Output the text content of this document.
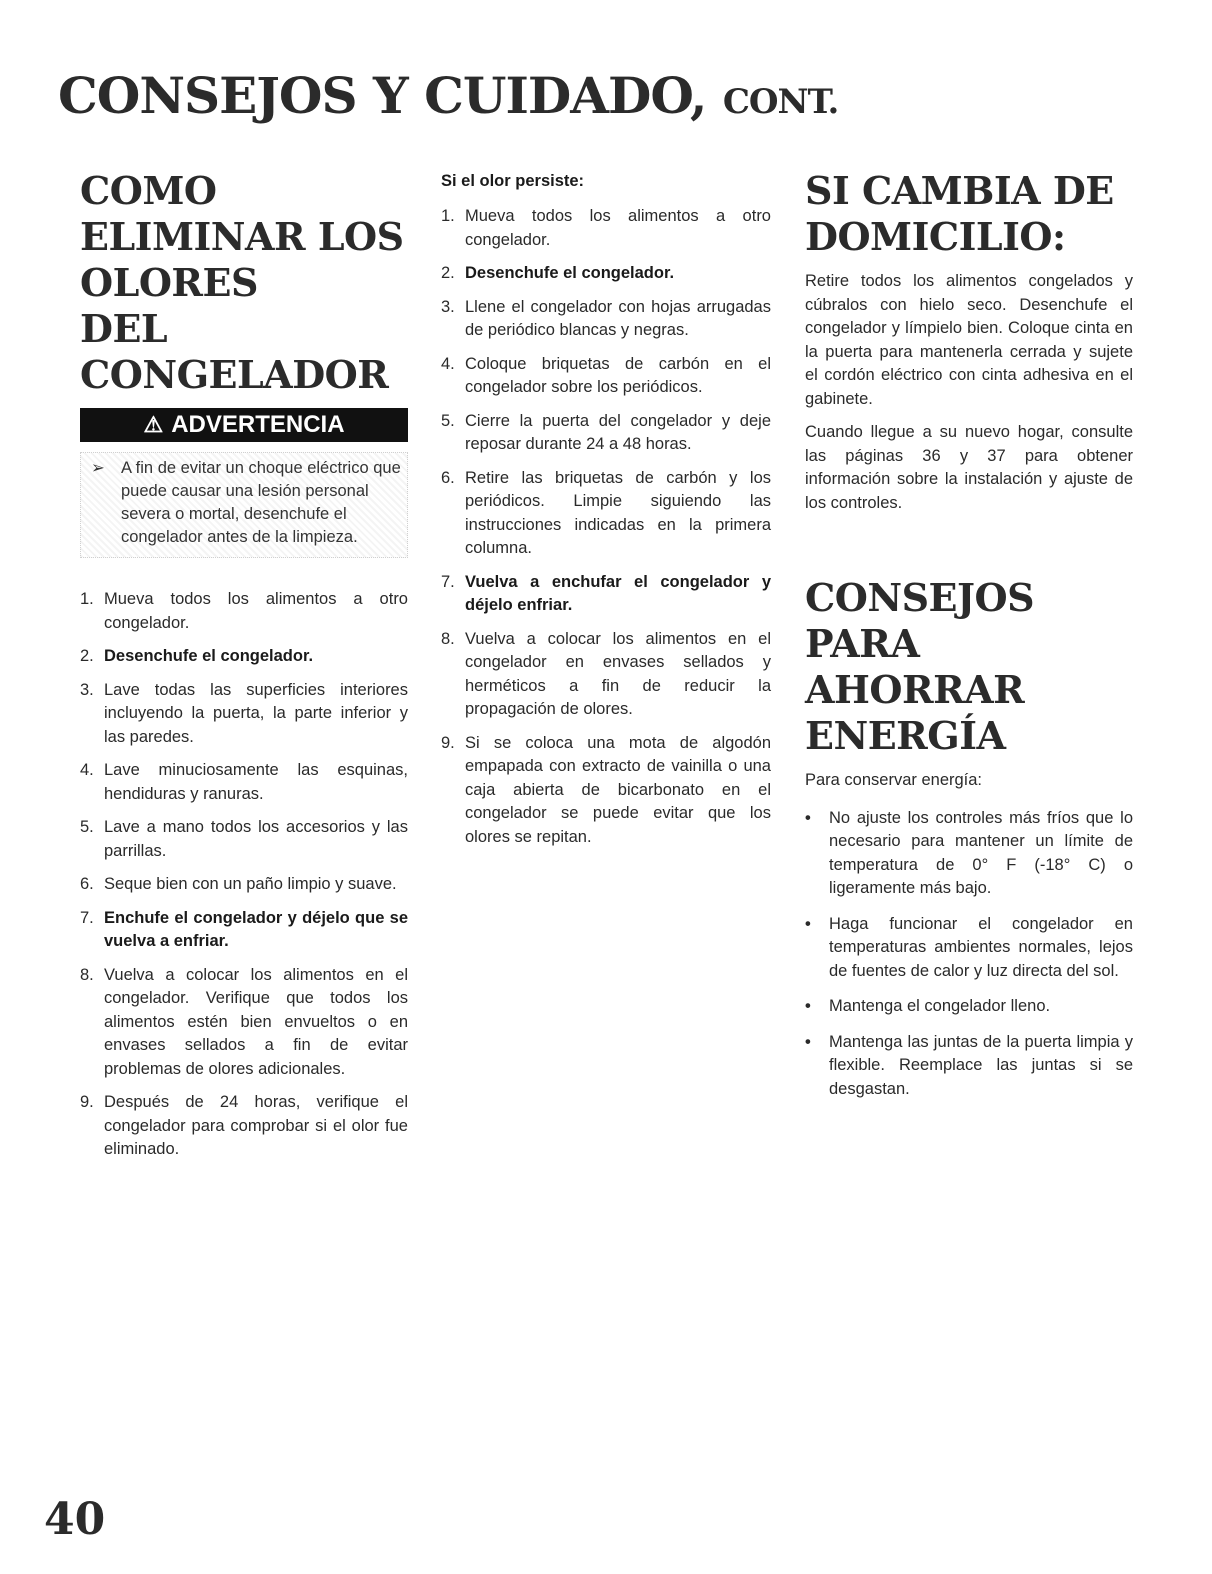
CONSEJOS Y CUIDADO, CONT.
COMO ELIMINAR LOS OLORES
DEL CONGELADOR
⚠ ADVERTENCIA
➢ A fin de evitar un choque eléctrico que puede causar una lesión personal severa o mortal, desenchufe el congelador antes de la limpieza.
1. Mueva todos los alimentos a otro congelador.
2. Desenchufe el congelador.
3. Lave todas las superficies interiores incluyendo la puerta, la parte inferior y las paredes.
4. Lave minuciosamente las esquinas, hendiduras y ranuras.
5. Lave a mano todos los accesorios y las parrillas.
6. Seque bien con un paño limpio y suave.
7. Enchufe el congelador y déjelo que se vuelva a enfriar.
8. Vuelva a colocar los alimentos en el congelador. Verifique que todos los alimentos estén bien envueltos o en envases sellados a fin de evitar problemas de olores adicionales.
9. Después de 24 horas, verifique el congelador para comprobar si el olor fue eliminado.
Si el olor persiste:
1. Mueva todos los alimentos a otro congelador.
2. Desenchufe el congelador.
3. Llene el congelador con hojas arrugadas de periódico blancas y negras.
4. Coloque briquetas de carbón en el congelador sobre los periódicos.
5. Cierre la puerta del congelador y deje reposar durante 24 a 48 horas.
6. Retire las briquetas de carbón y los periódicos. Limpie siguiendo las instrucciones indicadas en la primera columna.
7. Vuelva a enchufar el congelador y déjelo enfriar.
8. Vuelva a colocar los alimentos en el congelador en envases sellados y herméticos a fin de reducir la propagación de olores.
9. Si se coloca una mota de algodón empapada con extracto de vainilla o una caja abierta de bicarbonato en el congelador se puede evitar que los olores se repitan.
SI CAMBIA DE DOMICILIO:

Retire todos los alimentos congelados y cúbralos con hielo seco. Desenchufe el congelador y límpielo bien. Coloque cinta en la puerta para mantenerla cerrada y sujete el cordón eléctrico con cinta adhesiva en el gabinete.

Cuando llegue a su nuevo hogar, consulte las páginas 36 y 37 para obtener información sobre la instalación y ajuste de los controles.

CONSEJOS PARA AHORRAR
ENERGÍA

Para conservar energía:

•	No ajuste los controles más fríos que lo necesario para mantener un límite de temperatura de 0° F (-18° C) o ligeramente más bajo.
•	Haga funcionar el congelador en temperaturas ambientes normales, lejos de fuentes de calor y luz directa del sol.
•	Mantenga el congelador lleno.
•	Mantenga las juntas de la puerta limpia y flexible. Reemplace las juntas si se desgastan.
40
